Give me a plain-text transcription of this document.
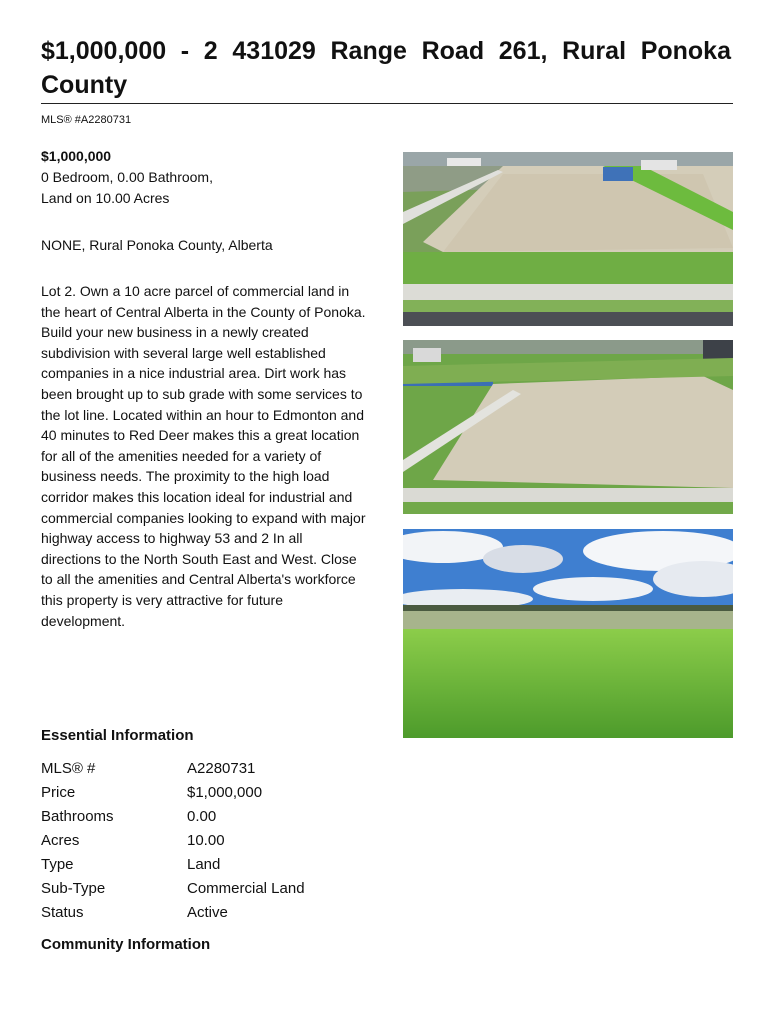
$1,000,000 - 2 431029 Range Road 261, Rural Ponoka County
MLS® #A2280731
$1,000,000
0 Bedroom, 0.00 Bathroom,
Land on 10.00 Acres
NONE, Rural Ponoka County, Alberta

Lot 2. Own a 10 acre parcel of commercial land in the heart of Central Alberta in the County of Ponoka. Build your new business in a newly created subdivision with several large well established companies in a nice industrial area. Dirt work has been brought up to sub grade with some services to the lot line. Located within an hour to Edmonton and 40 minutes to Red Deer makes this a great location for all of the amenities needed for a variety of business needs. The proximity to the high load corridor makes this location ideal for industrial and commercial companies looking to expand with major highway access to highway 53 and 2 In all directions to the North South East and West. Close to all the amenities and Central Alberta's workforce this property is very attractive for future development.

Essential Information
MLS® #	A2280731
Price	$1,000,000
Bathrooms	0.00
Acres	10.00
Type	Land
Sub-Type	Commercial Land
Status	Active
Community Information
